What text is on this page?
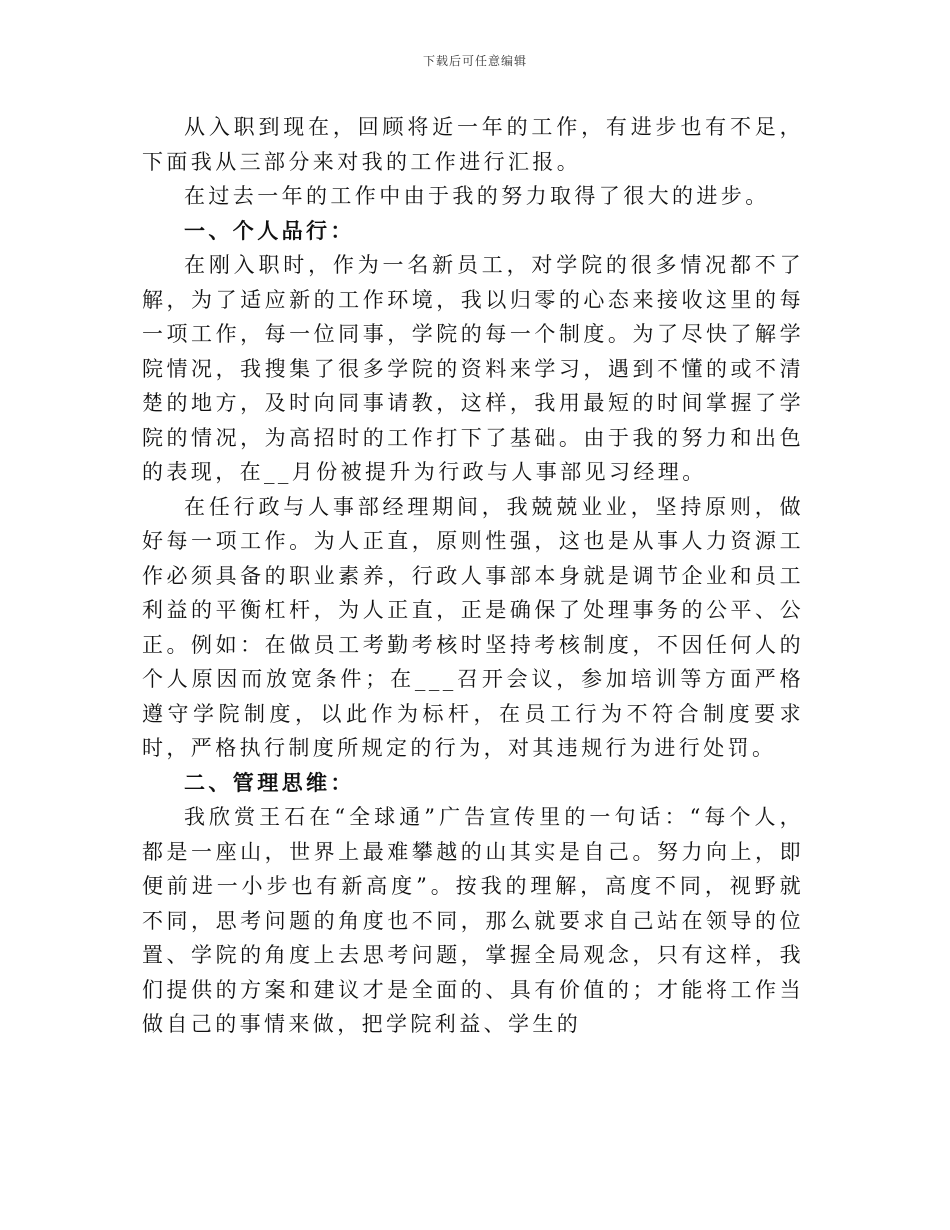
下载后可任意编辑

从入职到现在，回顾将近一年的工作，有进步也有不足，下面我从三部分来对我的工作进行汇报。

在过去一年的工作中由于我的努力取得了很大的进步。

一、个人品行：

在刚入职时，作为一名新员工，对学院的很多情况都不了解，为了适应新的工作环境，我以归零的心态来接收这里的每一项工作，每一位同事，学院的每一个制度。为了尽快了解学院情况，我搜集了很多学院的资料来学习，遇到不懂的或不清楚的地方，及时向同事请教，这样，我用最短的时间掌握了学院的情况，为高招时的工作打下了基础。由于我的努力和出色的表现，在__月份被提升为行政与人事部见习经理。

在任行政与人事部经理期间，我兢兢业业，坚持原则，做好每一项工作。为人正直，原则性强，这也是从事人力资源工作必须具备的职业素养，行政人事部本身就是调节企业和员工利益的平衡杠杆，为人正直，正是确保了处理事务的公平、公正。例如：在做员工考勤考核时坚持考核制度，不因任何人的个人原因而放宽条件；在___召开会议，参加培训等方面严格遵守学院制度，以此作为标杆，在员工行为不符合制度要求时，严格执行制度所规定的行为，对其违规行为进行处罚。

二、管理思维：

我欣赏王石在“全球通”广告宣传里的一句话：“每个人，都是一座山，世界上最难攀越的山其实是自己。努力向上，即便前进一小步也有新高度”。按我的理解，高度不同，视野就不同，思考问题的角度也不同，那么就要求自己站在领导的位置、学院的角度上去思考问题，掌握全局观念，只有这样，我们提供的方案和建议才是全面的、具有价值的；才能将工作当做自己的事情来做，把学院利益、学生的
